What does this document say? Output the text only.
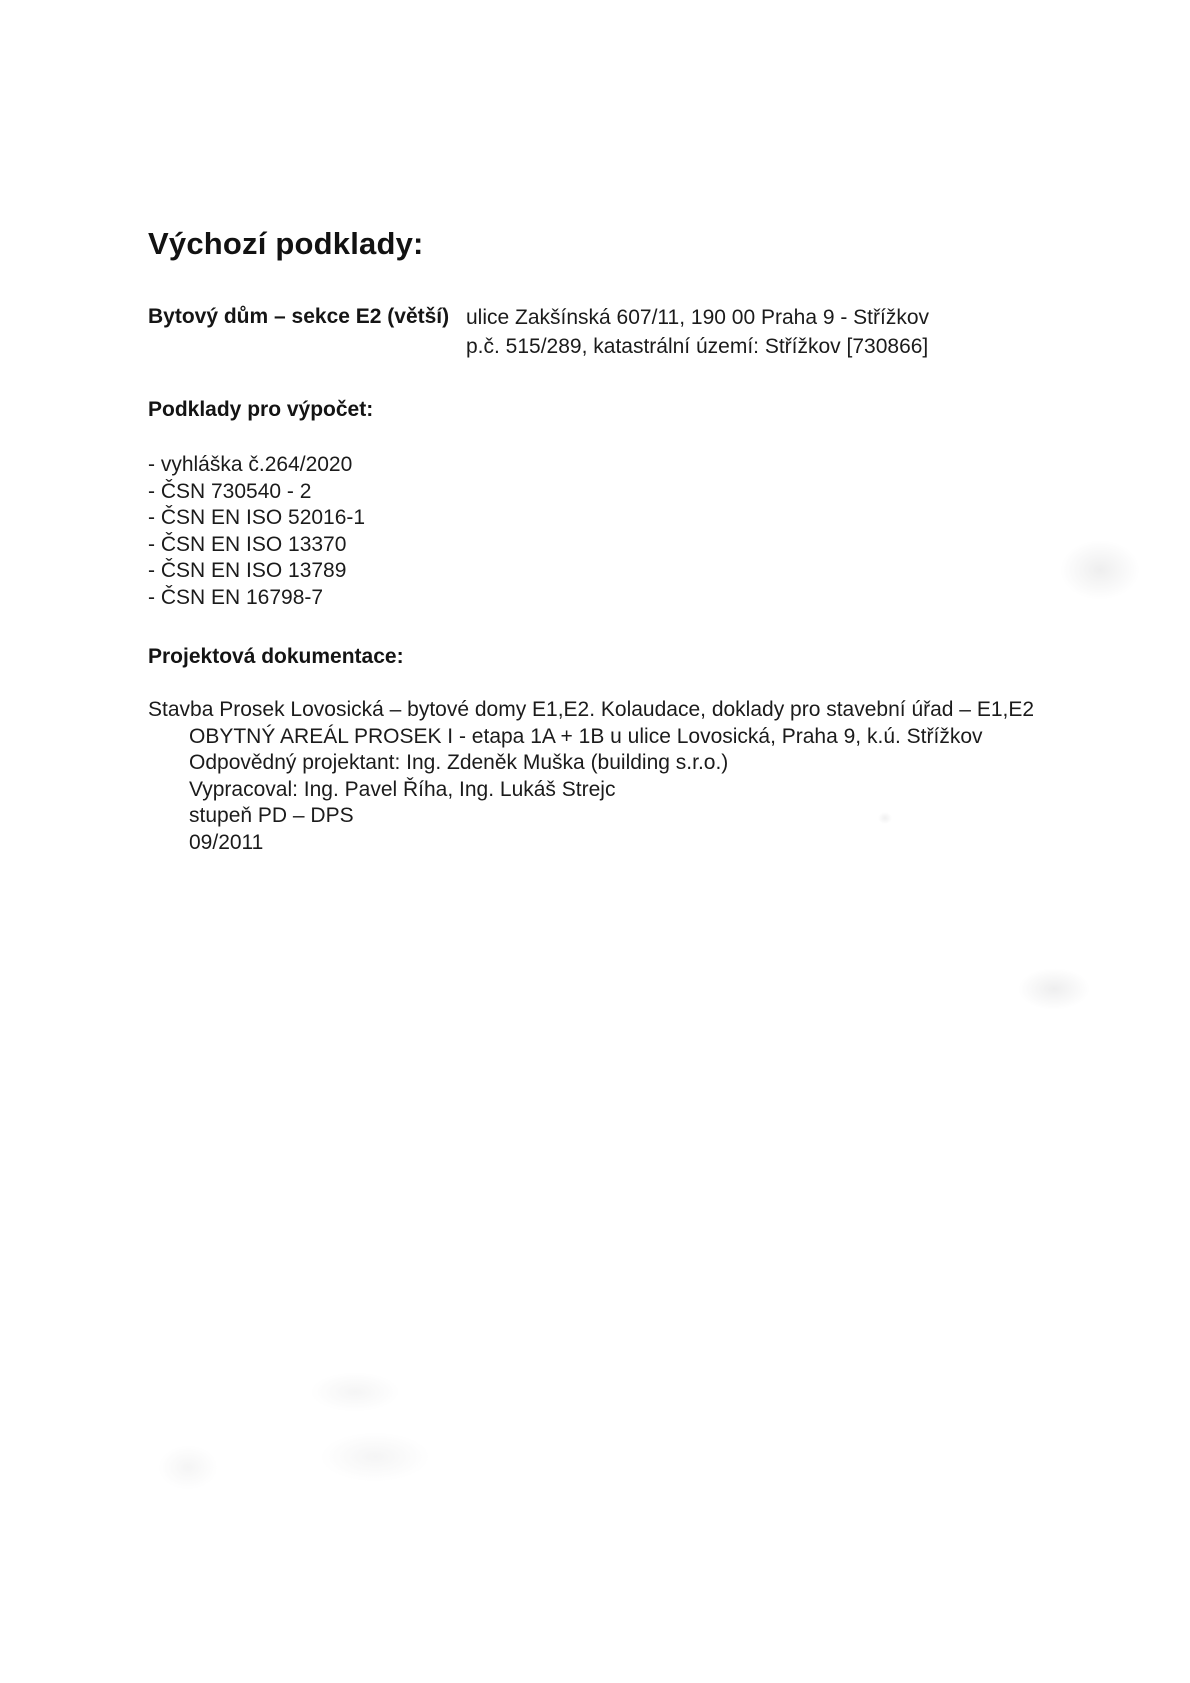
Výchozí podklady:
Bytový dům – sekce E2 (větší) ulice Zakšínská 607/11, 190 00 Praha 9 - Střížkov
p.č. 515/289, katastrální území: Střížkov [730866]
Podklady pro výpočet:
- vyhláška č.264/2020
- ČSN 730540 - 2
- ČSN EN ISO 52016-1
- ČSN EN ISO 13370
- ČSN EN ISO 13789
- ČSN EN 16798-7
Projektová dokumentace:
Stavba Prosek Lovosická – bytové domy E1,E2. Kolaudace, doklady pro stavební úřad – E1,E2
OBYTNÝ AREÁL PROSEK I - etapa 1A + 1B u ulice Lovosická, Praha 9, k.ú. Střížkov
Odpovědný projektant: Ing. Zdeněk Muška (building s.r.o.)
Vypracoval: Ing. Pavel Říha, Ing. Lukáš Strejc
stupeň PD – DPS
09/2011
